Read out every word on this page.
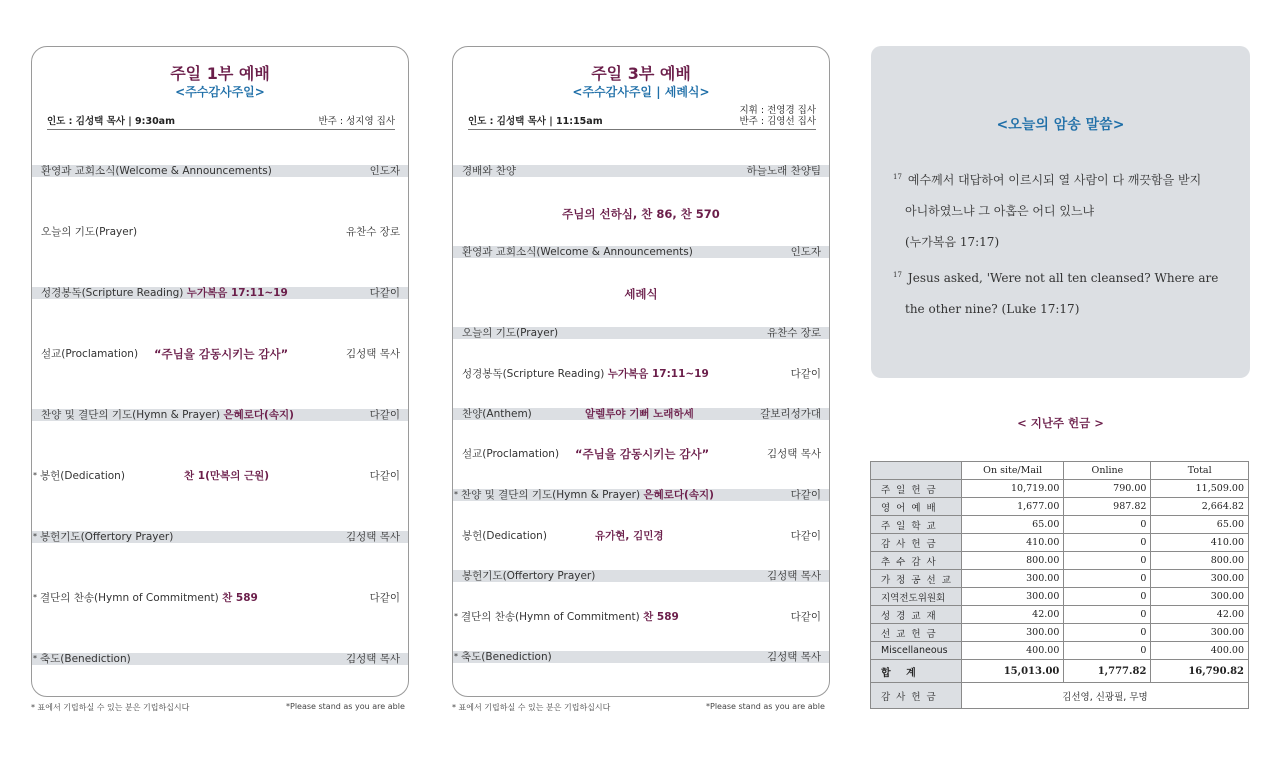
주일 1부 예배
<주수감사주일>
인도 : 김성택 목사 | 9:30am	반주 : 성지영 집사
환영과 교회소식(Welcome & Announcements)	인도자
오늘의 기도(Prayer)	유찬수 장로
성경봉독(Scripture Reading) 누가복음 17:11~19	다같이
설교(Proclamation) “주님을 감동시키는 감사”	김성택 목사
찬양 및 결단의 기도(Hymn & Prayer) 은혜로다(속지)	다같이
* 봉헌(Dedication)	찬 1(만복의 근원)	다같이
* 봉헌기도(Offertory Prayer)	김성택 목사
* 결단의 찬송(Hymn of Commitment) 찬 589	다같이
* 축도(Benediction)	김성택 목사
* 표에서 기립하실 수 있는 분은 기립하십시다	*Please stand as you are able
주일 3부 예배
<주수감사주일 | 세례식>
인도 : 김성택 목사 | 11:15am
지휘 : 전영경 집사
반주 : 김영선 집사
경배와 찬양	하늘노래 찬양팀
주님의 선하심, 찬 86, 찬 570
환영과 교회소식(Welcome & Announcements)	인도자
세례식
오늘의 기도(Prayer)	유찬수 장로
성경봉독(Scripture Reading) 누가복음 17:11~19	다같이
찬양(Anthem)	알렐루야 기뻐 노래하세	갈보리성가대
설교(Proclamation) “주님을 감동시키는 감사”	김성택 목사
* 찬양 및 결단의 기도(Hymn & Prayer) 은혜로다(속지)	다같이
봉헌(Dedication)	유가현, 김민경	다같이
봉헌기도(Offertory Prayer)	김성택 목사
* 결단의 찬송(Hymn of Commitment) 찬 589	다같이
* 축도(Benediction)	김성택 목사
* 표에서 기립하실 수 있는 분은 기립하십시다	*Please stand as you are able
<오늘의 암송 말씀>
$^{17}$ 예수께서 대답하여 이르시되 열 사람이 다 깨끗함을 받지
아니하였느냐 그 아홉은 어디 있느냐
(누가복음 17:17)
$^{17}$ Jesus asked, 'Were not all ten cleansed? Where are
the other nine? (Luke 17:17)
< 지난주 헌금 >
	On site/Mail	Online	Total
주일헌금	10,719.00	790.00	11,509.00
영어예배	1,677.00	987.82	2,664.82
주일학교	65.00	0	65.00
감사헌금	410.00	0	410.00
추수감사	800.00	0	800.00
가정공선교	300.00	0	300.00
지역전도위원회	300.00	0	300.00
성경교재	42.00	0	42.00
선교헌금	300.00	0	300.00
Miscellaneous	400.00	0	400.00
합 계	15,013.00	1,777.82	16,790.82
감사헌금	김선영, 신광필, 무명		
